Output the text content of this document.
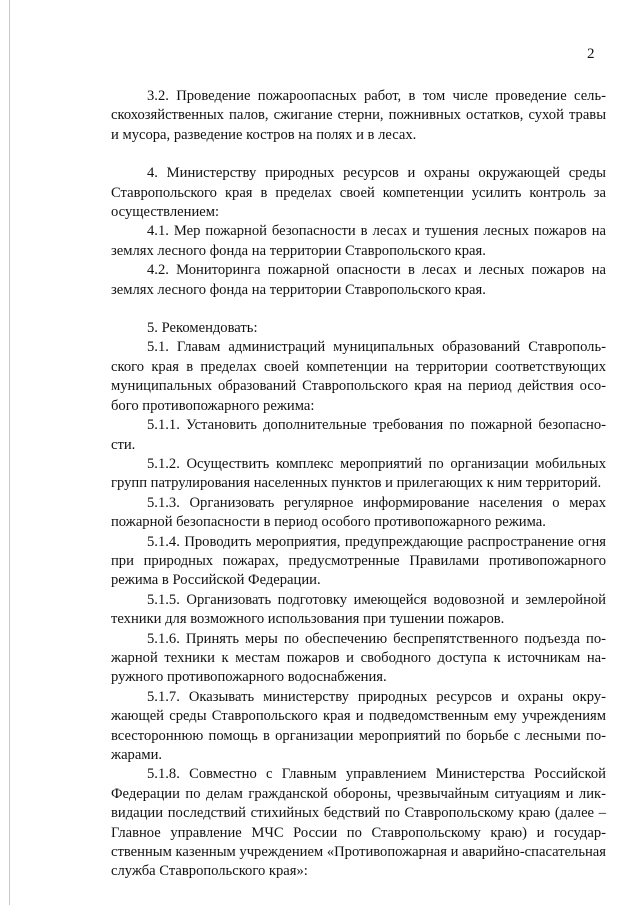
2

3.2. Проведение пожароопасных работ, в том числе проведение сельскохозяйственных палов, сжигание стерни, пожнивных остатков, сухой травы и мусора, разведение костров на полях и в лесах.

4. Министерству природных ресурсов и охраны окружающей среды Ставропольского края в пределах своей компетенции усилить контроль за осуществлением:

4.1. Мер пожарной безопасности в лесах и тушения лесных пожаров на землях лесного фонда на территории Ставропольского края.

4.2. Мониторинга пожарной опасности в лесах и лесных пожаров на землях лесного фонда на территории Ставропольского края.

5. Рекомендовать:

5.1. Главам администраций муниципальных образований Ставропольского края в пределах своей компетенции на территории соответствующих муниципальных образований Ставропольского края на период действия особого противопожарного режима:

5.1.1. Установить дополнительные требования по пожарной безопасности.

5.1.2. Осуществить комплекс мероприятий по организации мобильных групп патрулирования населенных пунктов и прилегающих к ним территорий.

5.1.3. Организовать регулярное информирование населения о мерах пожарной безопасности в период особого противопожарного режима.

5.1.4. Проводить мероприятия, предупреждающие распространение огня при природных пожарах, предусмотренные Правилами противопожарного режима в Российской Федерации.

5.1.5. Организовать подготовку имеющейся водовозной и землеройной техники для возможного использования при тушении пожаров.

5.1.6. Принять меры по обеспечению беспрепятственного подъезда пожарной техники к местам пожаров и свободного доступа к источникам наружного противопожарного водоснабжения.

5.1.7. Оказывать министерству природных ресурсов и охраны окружающей среды Ставропольского края и подведомственным ему учреждениям всестороннюю помощь в организации мероприятий по борьбе с лесными пожарами.

5.1.8. Совместно с Главным управлением Министерства Российской Федерации по делам гражданской обороны, чрезвычайным ситуациям и ликвидации последствий стихийных бедствий по Ставропольскому краю (далее – Главное управление МЧС России по Ставропольскому краю) и государственным казенным учреждением «Противопожарная и аварийно-спасательная служба Ставропольского края»:
